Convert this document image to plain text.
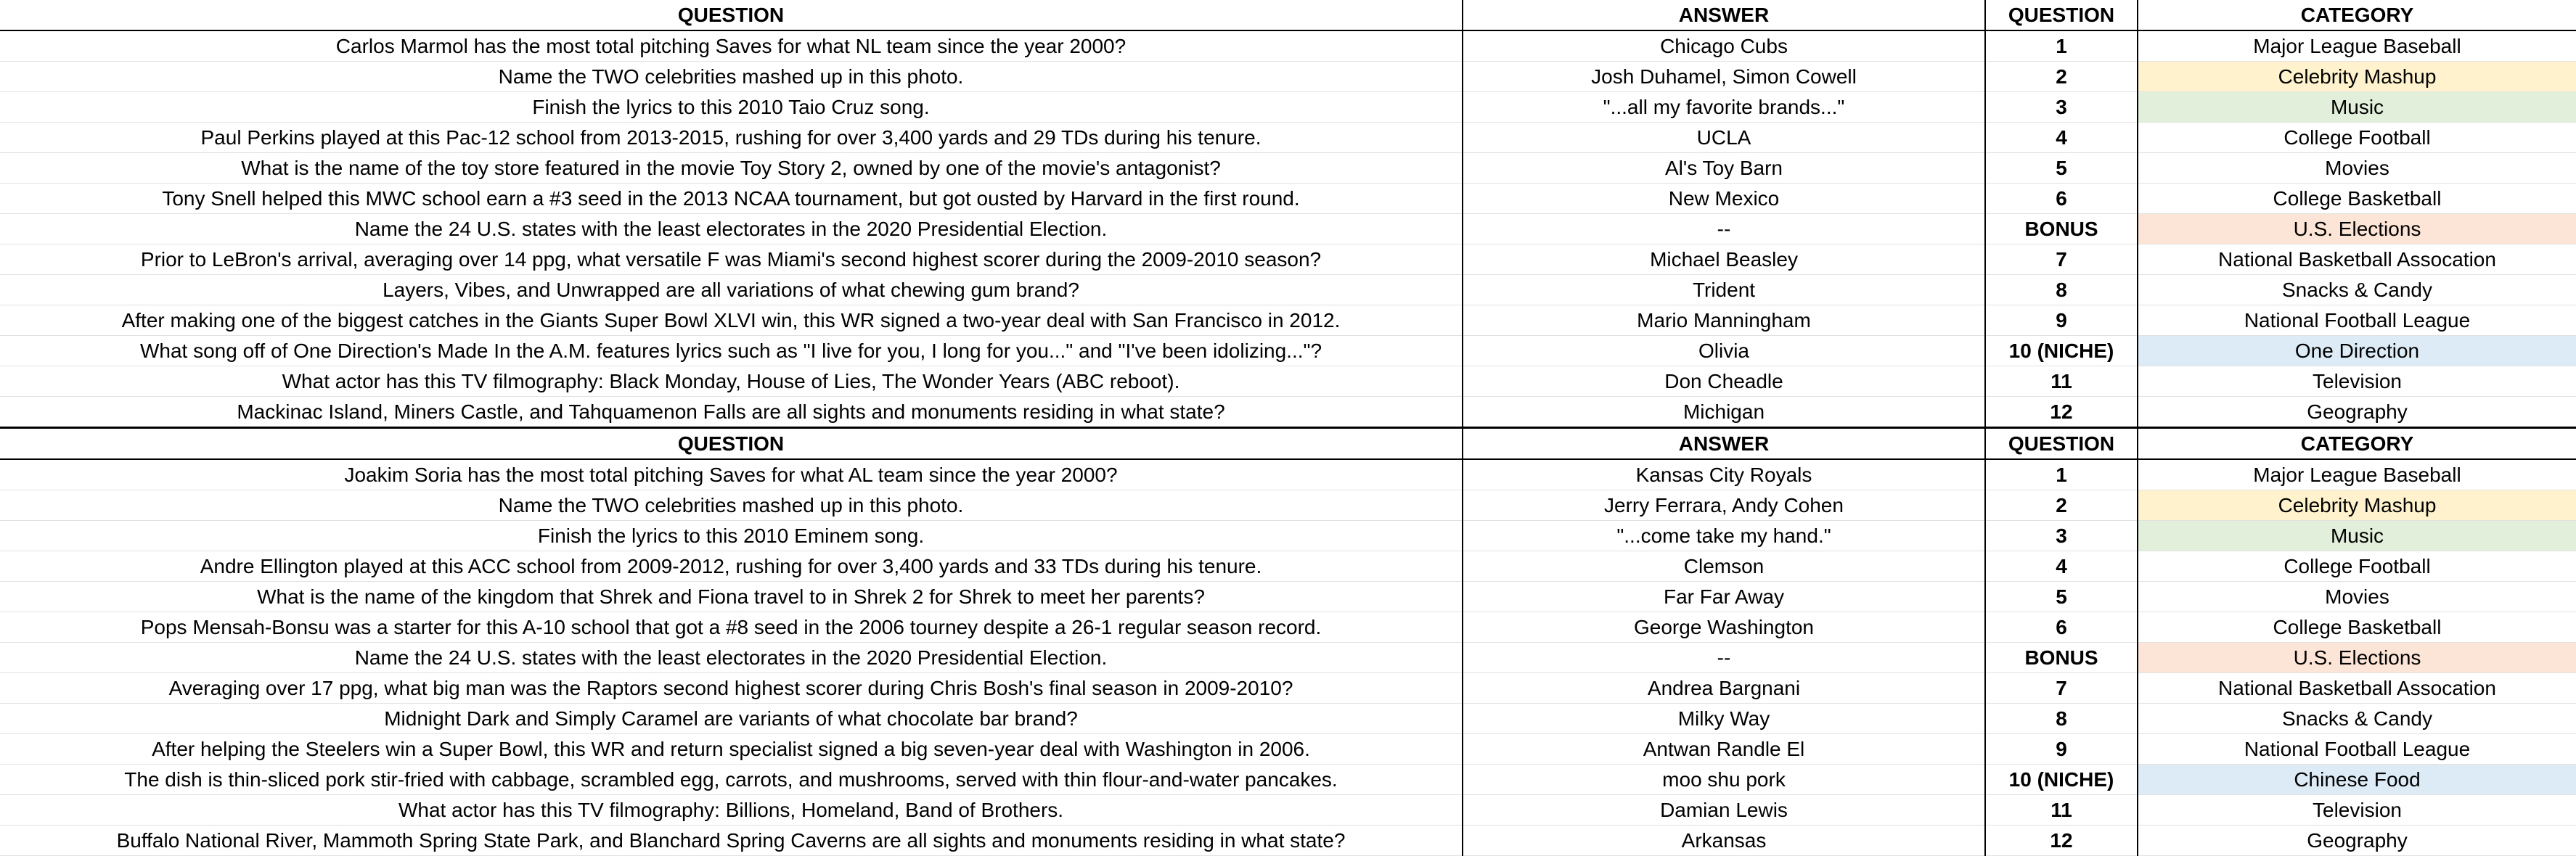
QUESTION	ANSWER	QUESTION	CATEGORY
Carlos Marmol has the most total pitching Saves for what NL team since the year 2000?	Chicago Cubs	1	Major League Baseball
Name the TWO celebrities mashed up in this photo.	Josh Duhamel, Simon Cowell	2	Celebrity Mashup
Finish the lyrics to this 2010 Taio Cruz song.	"...all my favorite brands..."	3	Music
Paul Perkins played at this Pac-12 school from 2013-2015, rushing for over 3,400 yards and 29 TDs during his tenure.	UCLA	4	College Football
What is the name of the toy store featured in the movie Toy Story 2, owned by one of the movie's antagonist?	Al's Toy Barn	5	Movies
Tony Snell helped this MWC school earn a #3 seed in the 2013 NCAA tournament, but got ousted by Harvard in the first round.	New Mexico	6	College Basketball
Name the 24 U.S. states with the least electorates in the 2020 Presidential Election.	--	BONUS	U.S. Elections
Prior to LeBron's arrival, averaging over 14 ppg, what versatile F was Miami's second highest scorer during the 2009-2010 season?	Michael Beasley	7	National Basketball Assocation
Layers, Vibes, and Unwrapped are all variations of what chewing gum brand?	Trident	8	Snacks & Candy
After making one of the biggest catches in the Giants Super Bowl XLVI win, this WR signed a two-year deal with San Francisco in 2012.	Mario Manningham	9	National Football League
What song off of One Direction's Made In the A.M. features lyrics such as "I live for you, I long for you..." and "I've been idolizing..."?	Olivia	10 (NICHE)	One Direction
What actor has this TV filmography: Black Monday, House of Lies, The Wonder Years (ABC reboot).	Don Cheadle	11	Television
Mackinac Island, Miners Castle, and Tahquamenon Falls are all sights and monuments residing in what state?	Michigan	12	Geography
QUESTION	ANSWER	QUESTION	CATEGORY
Joakim Soria has the most total pitching Saves for what AL team since the year 2000?	Kansas City Royals	1	Major League Baseball
Name the TWO celebrities mashed up in this photo.	Jerry Ferrara, Andy Cohen	2	Celebrity Mashup
Finish the lyrics to this 2010 Eminem song.	"...come take my hand."	3	Music
Andre Ellington played at this ACC school from 2009-2012, rushing for over 3,400 yards and 33 TDs during his tenure.	Clemson	4	College Football
What is the name of the kingdom that Shrek and Fiona travel to in Shrek 2 for Shrek to meet her parents?	Far Far Away	5	Movies
Pops Mensah-Bonsu was a starter for this A-10 school that got a #8 seed in the 2006 tourney despite a 26-1 regular season record.	George Washington	6	College Basketball
Name the 24 U.S. states with the least electorates in the 2020 Presidential Election.	--	BONUS	U.S. Elections
Averaging over 17 ppg, what big man was the Raptors second highest scorer during Chris Bosh's final season in 2009-2010?	Andrea Bargnani	7	National Basketball Assocation
Midnight Dark and Simply Caramel are variants of what chocolate bar brand?	Milky Way	8	Snacks & Candy
After helping the Steelers win a Super Bowl, this WR and return specialist signed a big seven-year deal with Washington in 2006.	Antwan Randle El	9	National Football League
The dish is thin-sliced pork stir-fried with cabbage, scrambled egg, carrots, and mushrooms, served with thin flour-and-water pancakes.	moo shu pork	10 (NICHE)	Chinese Food
What actor has this TV filmography: Billions, Homeland, Band of Brothers.	Damian Lewis	11	Television
Buffalo National River, Mammoth Spring State Park, and Blanchard Spring Caverns are all sights and monuments residing in what state?	Arkansas	12	Geography
